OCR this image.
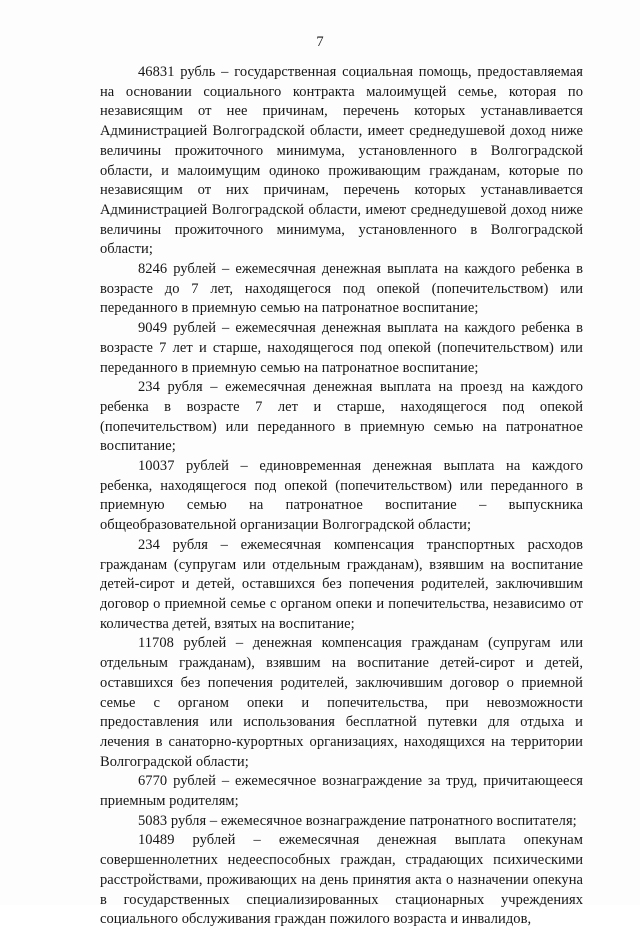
7

46831 рубль – государственная социальная помощь, предоставляемая на основании социального контракта малоимущей семье, которая по независящим от нее причинам, перечень которых устанавливается Администрацией Волгоградской области, имеет среднедушевой доход ниже величины прожиточного минимума, установленного в Волгоградской области, и малоимущим одиноко проживающим гражданам, которые по независящим от них причинам, перечень которых устанавливается Администрацией Волгоградской области, имеют среднедушевой доход ниже величины прожиточного минимума, установленного в Волгоградской области;

8246 рублей – ежемесячная денежная выплата на каждого ребенка в возрасте до 7 лет, находящегося под опекой (попечительством) или переданного в приемную семью на патронатное воспитание;

9049 рублей – ежемесячная денежная выплата на каждого ребенка в возрасте 7 лет и старше, находящегося под опекой (попечительством) или переданного в приемную семью на патронатное воспитание;

234 рубля – ежемесячная денежная выплата на проезд на каждого ребенка в возрасте 7 лет и старше, находящегося под опекой (попечительством) или переданного в приемную семью на патронатное воспитание;

10037 рублей – единовременная денежная выплата на каждого ребенка, находящегося под опекой (попечительством) или переданного в приемную семью на патронатное воспитание – выпускника общеобразовательной организации Волгоградской области;

234 рубля – ежемесячная компенсация транспортных расходов гражданам (супругам или отдельным гражданам), взявшим на воспитание детей-сирот и детей, оставшихся без попечения родителей, заключившим договор о приемной семье с органом опеки и попечительства, независимо от количества детей, взятых на воспитание;

11708 рублей – денежная компенсация гражданам (супругам или отдельным гражданам), взявшим на воспитание детей-сирот и детей, оставшихся без попечения родителей, заключившим договор о приемной семье с органом опеки и попечительства, при невозможности предоставления или использования бесплатной путевки для отдыха и лечения в санаторно-курортных организациях, находящихся на территории Волгоградской области;

6770 рублей – ежемесячное вознаграждение за труд, причитающееся приемным родителям;

5083 рубля – ежемесячное вознаграждение патронатного воспитателя;

10489 рублей – ежемесячная денежная выплата опекунам совершеннолетних недееспособных граждан, страдающих психическими расстройствами, проживающих на день принятия акта о назначении опекуна в государственных специализированных стационарных учреждениях социального обслуживания граждан пожилого возраста и инвалидов,
